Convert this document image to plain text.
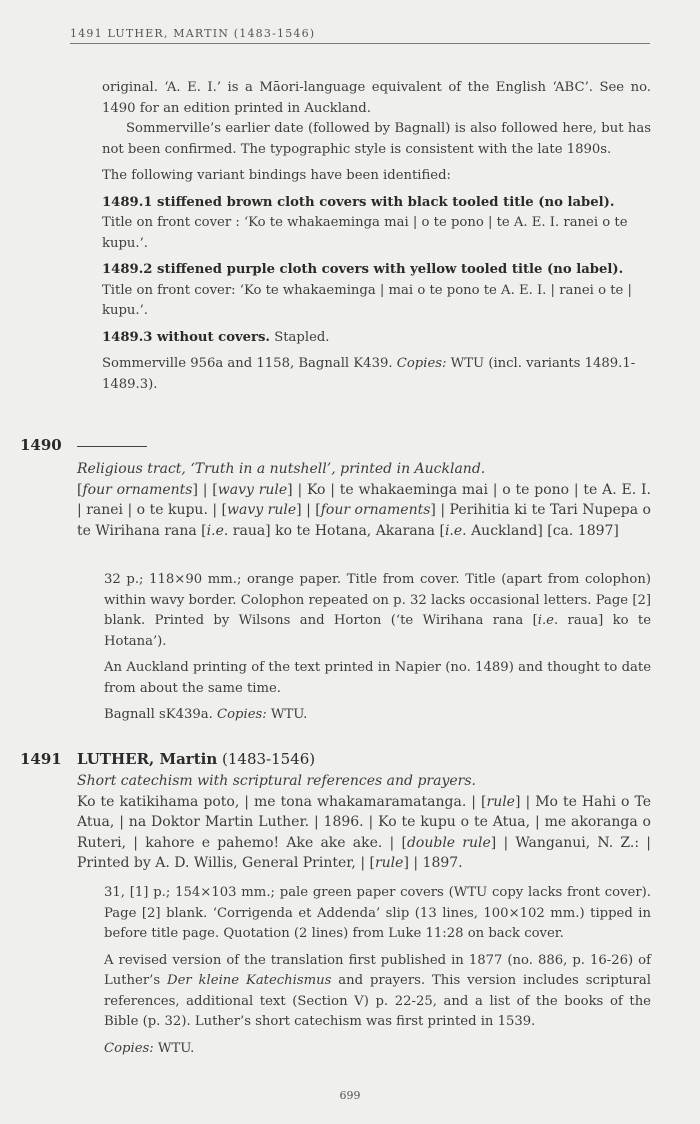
1491 LUTHER, MARTIN (1483-1546)

original. ‘A. E. I.’ is a Māori-language equivalent of the English ‘ABC’. See no. 1490 for an edition printed in Auckland.

Sommerville’s earlier date (followed by Bagnall) is also followed here, but has not been confirmed. The typographic style is consistent with the late 1890s.

The following variant bindings have been identified:

1489.1 stiffened brown cloth covers with black tooled title (no label).

Title on front cover : ‘Ko te whakaeminga mai | o te pono | te A. E. I. ranei o te kupu.’.

1489.2 stiffened purple cloth covers with yellow tooled title (no label).

Title on front cover: ‘Ko te whakaeminga | mai o te pono te A. E. I. | ranei o te | kupu.’.

1489.3 without covers. Stapled.

Sommerville 956a and 1158, Bagnall K439. Copies: WTU (incl. variants 1489.1-1489.3).

1490

Religious tract, ‘Truth in a nutshell’, printed in Auckland.

[four ornaments] | [wavy rule] | Ko | te whakaeminga mai | o te pono | te A. E. I. | ranei | o te kupu. | [wavy rule] | [four ornaments] | Perihitia ki te Tari Nupepa o te Wirihana rana [i.e. raua] ko te Hotana, Akarana [i.e. Auckland] [ca. 1897]

32 p.; 118×90 mm.; orange paper. Title from cover. Title (apart from colophon) within wavy border. Colophon repeated on p. 32 lacks occasional letters. Page [2] blank. Printed by Wilsons and Horton (‘te Wirihana rana [i.e. raua] ko te Hotana’).

An Auckland printing of the text printed in Napier (no. 1489) and thought to date from about the same time.

Bagnall sK439a. Copies: WTU.

1491 LUTHER, Martin (1483-1546)

Short catechism with scriptural references and prayers.

Ko te katikihama poto, | me tona whakamaramatanga. | [rule] | Mo te Hahi o Te Atua, | na Doktor Martin Luther. | 1896. | Ko te kupu o te Atua, | me akoranga o Ruteri, | kahore e pahemo! Ake ake ake. | [double rule] | Wanganui, N. Z.: | Printed by A. D. Willis, General Printer, | [rule] | 1897.

31, [1] p.; 154×103 mm.; pale green paper covers (WTU copy lacks front cover). Page [2] blank. ‘Corrigenda et Addenda’ slip (13 lines, 100×102 mm.) tipped in before title page. Quotation (2 lines) from Luke 11:28 on back cover.

A revised version of the translation first published in 1877 (no. 886, p. 16-26) of Luther’s Der kleine Katechismus and prayers. This version includes scriptural references, additional text (Section V) p. 22-25, and a list of the books of the Bible (p. 32). Luther’s short catechism was first printed in 1539.

Copies: WTU.

699
